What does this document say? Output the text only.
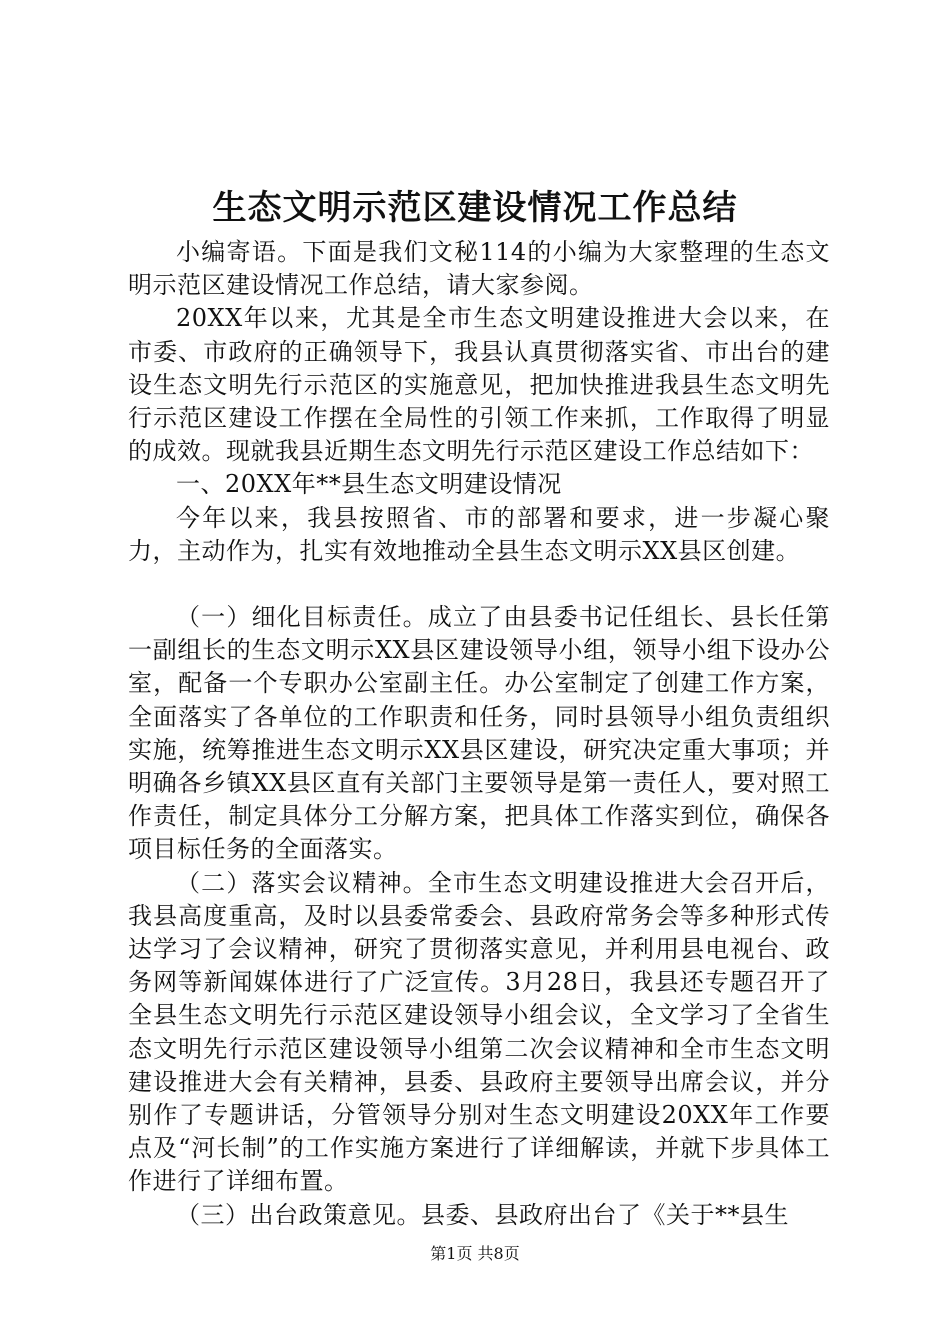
生态文明示范区建设情况工作总结

小编寄语。下面是我们文秘114的小编为大家整理的生态文明示范区建设情况工作总结，请大家参阅。

20XX年以来，尤其是全市生态文明建设推进大会以来，在市委、市政府的正确领导下，我县认真贯彻落实省、市出台的建设生态文明先行示范区的实施意见，把加快推进我县生态文明先行示范区建设工作摆在全局性的引领工作来抓，工作取得了明显的成效。现就我县近期生态文明先行示范区建设工作总结如下：

一、20XX年**县生态文明建设情况

今年以来，我县按照省、市的部署和要求，进一步凝心聚力，主动作为，扎实有效地推动全县生态文明示XX县区创建。

（一）细化目标责任。成立了由县委书记任组长、县长任第一副组长的生态文明示XX县区建设领导小组，领导小组下设办公室，配备一个专职办公室副主任。办公室制定了创建工作方案，全面落实了各单位的工作职责和任务，同时县领导小组负责组织实施，统筹推进生态文明示XX县区建设，研究决定重大事项；并明确各乡镇XX县区直有关部门主要领导是第一责任人，要对照工作责任，制定具体分工分解方案，把具体工作落实到位，确保各项目标任务的全面落实。

（二）落实会议精神。全市生态文明建设推进大会召开后，我县高度重高，及时以县委常委会、县政府常务会等多种形式传达学习了会议精神，研究了贯彻落实意见，并利用县电视台、政务网等新闻媒体进行了广泛宣传。3月28日，我县还专题召开了全县生态文明先行示范区建设领导小组会议，全文学习了全省生态文明先行示范区建设领导小组第二次会议精神和全市生态文明建设推进大会有关精神，县委、县政府主要领导出席会议，并分别作了专题讲话，分管领导分别对生态文明建设20XX年工作要点及“河长制”的工作实施方案进行了详细解读，并就下步具体工作进行了详细布置。

（三）出台政策意见。县委、县政府出台了《关于**县生

第1页 共8页
